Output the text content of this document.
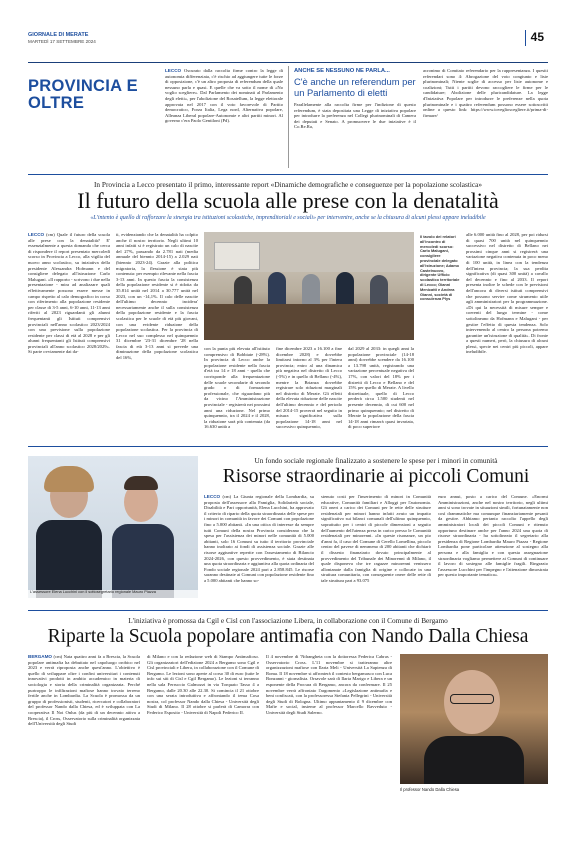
GIORNALE DI MERATE
MARTEDÌ 17 SETTEMBRE 2024	45
PROVINCIA E OLTRE
LECCO Oscurato dalla raccolta firme contro la legge di autonomia differenziata, c'è rischio ad aggiungere tutte le forze di opposizione, c'è un altro proposta di referendum della quale nessuno parla e quasi. E quelle che va sotto il nome di «No voglio scegliere». Dal Parlamento dei nominati al Parlamento degli eletti», per l'abolizione del Rosatellum, la legge elettorale approvata nel 2017 con il voto favorevole di Partito democratico, Forza Italia, Lega nord, Alternativa popolare, Alleanza Liberal popolare-Autonomie e altri partiti minori. Al governo c'era Paolo Gentiloni (Pd).
ANCHE SE NESSUNO NE PARLA...
C'è anche un referendum per un Parlamento di eletti
Parallelamente alla raccolta firme per l'indizione di questo referendum, è stata depositata una Legge di iniziativa popolare per introdurre la preferenza nel Collegi plurinominali di Camera dei deputati e Senato. A promuovere le due iniziative è il Co.Re.Ra,
acronimo di Comitato referendario per la rappresentanza. I quesiti referendari sono 4: Abrogazione del voto congiunto e liste plurinominali; Niente soglie di accesso per liste autonome e coalizioni; Tutti i partiti devono raccogliere le firme per le candidature; Abolizione delle pluricandidature. La legge d'Iniziativa Popolare per introdurre le preferenze nella quota plurinominale e i quattro referendum possono essere sottoscritti online a questo link: https://www.ioveglioscegliere.it/prima-di-firmare/
In Provincia a Lecco presentato il primo, interessante report «Dinamiche demografiche e conseguenze per la popolazione scolastica»
Il futuro della scuola alle prese con la denatalità
«L'intento è quello di rafforzare la sinergia tra istituzioni scolastiche, imprenditoriali e sociali» per intervenire, anche se la chiusura di alcuni plessi appare ineludibile
LECCO (cm) Quale il futuro della scuola alle prese con la denatalità? E' essenzialmente a questa domanda che cerca di rispondere il report presentato mercoledì scorso in Provincia a Lecco, alla vigilia del nuovo anno scolastico, su iniziativa della presidente Alessandra Hofmann e del consigliere delegato all'istruzione Carlo Malugani. «Il rapporto - scrivono i due nella presentazione - mira ad analizzare quali effettivamente possono essere messe in campo rispetto al calo demografico in corso con riferimento alla popolazione residente per classe di 3-5 anni, 6-10 anni, 11-13 anni riferiti al 2023 riguardanti gli alunni frequentanti gli Istituti comprensivi provinciali nell'anno scolastico 2023/2024 con una previsione sulla popolazione residente per classi di età al 2028 e per gli alunni frequentanti gli Istituti comprensivi provinciali all'anno scolastico 2028/2029». Si parte ovviamente dai da-
ti, evidenziando che la denatalità ha colpito anche il nostro territorio. Negli ultimi 10 anni infatti si è registrato un calo di nascite del 27%, passando da 2.781 nati (media annuale del biennio 2014-15) a 2.029 nati (biennio 2023-24). Grazie alla politica migratoria, la flessione è stata più contenuta: per esempio rilevante nella fascia 3-13 anni. In questo fascia la consistenza della popolazione residente si è ridotta da 35.814 unità nel 2014 a 30.777 unità nel 2023, con un -14,1%. Il calo delle nascite dell'ultimo decennio incidera' necessariamente anche il sulla consistenza della popolazione residente e la fascia scolastica per le scuole di età più giovani, con una evidente riduzione della popolazione scolastica. Per la provincia di Lecco nel suo complesso nel quinquennio 31 dicembre '23-31 dicembre '28 nella fascia di età 3-13 anni si prevede una diminuzione della popolazione scolastica del 16%,
con la punta più elevata all'istituto comprensivo di Bobbiate (-28%). In provincia di Lecco anche la popolazione residente nella fascia d'età tra 14 e 18 anni - quella che corrisponde alla frequentazione delle scuole secondarie di secondo grado o di formazione professionale, che riguardano più da vicino l'Amministrazione provinciale - registrerà nei prossimi anni una riduzione. Nel primo quinquennio, tra il 2024 e il 2028, la riduzione sarà più contenuta (da 16.630 unità a
fine dicembre 2023 a 16.100 a fine dicembre 2028) e dovrebbe limitarsi intorno al 3% per l'intera provincia; entro al una dinamica più negativa nel distretto di Lecco (-5%) e in quello di Bellano (-4%), mentre la Brianza dovrebbe registrare solo riduzioni marginali nel distretto di Merate. Gli effetti della elevata riduzione delle nascite dell'ultimo decennio e del periodo del 2014-15 proverrà nel seguito in misura significativa sulla popolazione 14-18 anni nel successivo quinquennio,
dal 2029 al 2033: in quegli anni la popolazione provinciale (14-18 anni) dovrebbe scendere da 16.100 a 13.798 unità, registrando una variazione percentuale negativa del 17%, con valori del 18% per i distretti di Lecco e Bellano e del 15% per quello di Merate. A livello distrettuale, quello di Lecco perderà circa 1.500 studenti nel presente decennio, di cui 600 nel primo quinquennio; nel distretto di Merate la popolazione della fascia 14-18 anni rimarrà quasi invariata, di poco superiore
Il tavolo dei relatori all'incontro di mercoledì scorso: Carlo Malugani, consigliere provinciale delegato all'istruzione; Adamo Castelnuovo, dirigente Ufficio scolastico territoriale di Lecco; Gianni Menicatti e Andrea Gianni, società di consulenza Plys
alle 6.000 unità fino al 2028, per poi ridursi di quasi 700 unità nel quinquennio successivo nel distretto di Bellano nei prossimi cinque anni si registrerà una variazione negativa contenuta in poco meno di 100 unità, in linea con la tendenza dell'intera provincia; la sua perdita significativa (di quasi 300 unità) a cavallo del decennio e fino al 2033. Il report presenta inoltre le schede con le previsioni dell'ancora di diversi istituti comprensivi che possono servire come strumento utile agli amministratori per la programmazione. «Di qui la necessità di misure sempre e coerenti del lungo termine - come sottolineano da Hofmann e Malugani - per gestire l'effetto di questa tendenza. Solo intervenendo al centro la persona potremo garantire un'istruzione di qualità». Di fronte a questi numeri, però, la chiusura di alcuni plessi, specie nei centri più piccoli, appare ineludibile.
L'assessore Elena Lucchini con il sottosegretario regionale Mauro Piazza
Un fondo sociale regionale finalizzato a sostenere le spese per i minori in comunità
Risorse straordinarie ai piccoli Comuni
LECCO (cm) La Giunta regionale della Lombardia, su proposta dell'assessore alla Famiglia, Solidarietà sociale, Disabilità e Pari opportunità, Elena Lucchini, ha approvato il criterio di riparto della quota straordinaria delle spese per i minori in comunità in favore dei Comuni con popolazione fino a 5.000 abitanti. «In una ottica di interesse da sempre tutti Comuni della nostra Provincia considerano che la spesa per l'assistenza dei minori nelle comunità di 5.000 abitanti, solo 16 Comuni su tutto il territorio provinciale hanno inoltrato ai fondi di assistenza sociale. Grazie alle risorse aggiuntive reperite con l'assestamento di Bilancio 2024-2026, con questo provvedimento, è stata destinata una quota straordinaria e aggiuntiva alla quota ordinaria del Fondo sociale regionale 2024 pari a 2.858.845. Le risorse saranno destinate ai Comuni con popolazione residente fino a 5.000 abitanti che hanno so-
stenuto costi per l'inserimento di minori in Comunità educative, Comunità familiari e Alloggi per l'autonomia. Gli oneri a carico dei Comuni per le rette delle strutture residenziali per minori hanno infatti avuto un impatto significativo sui bilanci comunali dell'ultimo quinquennio, soprattutto per i centri di piccole dimensioni a seguito dell'aumento dell'utenza presa in carico presso le Comunità residenziali per minorenni. «In queste risonanze, un pio d'anni fa, il caso del Comune di Cerello Lomellina, piccolo centro del pavese di nemmeno di 200 abitanti che dichiarò il dissesto finanziario dovuto principalmente al provvedimento del Tribunale dei Minorenni di Milano, il quale disponeva che tre ragazze minorenni venissero allontanate dalla famiglia di origine e collocate in una struttura comunitaria, con conseguente onere delle rette di tale struttura pari a 93.075
euro annui, posto a carico del Comune. «Enormi Amministrazioni, anche nel nostro territorio, negli ultimi anni si sono trovate in situazioni simili, fortunatamente non così drammatiche ma comunque finanziariamente pesanti da gestire. Abbiamo pertanto raccolto l'appello degli amministratori locali dei piccoli Comuni e ritenuto opportuno destinare anche per l'anno 2024 una quota di risorse straordinaria - ha sottolineato il segretario alla presidenza di Regione Lombardia Mauro Piazza - Regione Lombardia pone particolare attenzione al sostegno alla persona e alla famiglia e con questa assegnazione straordinaria vogliamo permettere ai Comuni di continuare il lavoro di sostegno alle famiglie fragili. Ringrazio l'assessore Lucchini per l'impegno e l'attenzione dimostrata per questo importante tematica».
L'iniziativa è promossa da Cgil e Cisl con l'associazione Libera, in collaborazione con il Comune di Bergamo
Riparte la Scuola popolare antimafia con Nando Dalla Chiesa
BERGAMO (cm) Nata quattro anni fa a Brescia, la Scuola popolare antimafia ha debuttato nel capoluogo orobico nel 2023 e verrà riproposta anche quest'anno. L'obiettivo è quello di sviluppare oltre i confini universitari i contenuti innovativi prodotti in ambito accademico in materia di sociologia e storia della criminalità organizzata. Perché purtroppo le infiltrazioni mafiose hanno trovato terreno fertile anche in Lombardia. La Scuola è promossa da un gruppo di professionisti, studenti, ricercatori e collaboratori del professor Nando dalla Chiesa, ed è sviluppata con La cooperativa Il Noi Onlus (da più di un decennio attiva a Brescia), il Cross, Osservatorio sulla criminalità organizzata dell'Università degli Studi
di Milano e con la redazione web di Stampo Antimafioso. Gli organizzatori dell'edizione 2024 a Bergamo sono Cgil e Cisl provinciali e Libera, in collaborazione con il Comune di Bergamo. Le lezioni sono aperte al corso 30 di euro (tutte le info sui siti di Cisl e Cgil Bergamo). Le lezioni si terranno nella sala Ferruccio Galmozzi in via Torquato Tasso 4 a Bergamo, dalle 20.30 alle 22.30. Si comincia il 21 ottobre con una serata introduttiva e affrontando il tema Cosa nostra, col professor Nando dalla Chiesa - Università degli Studi di Milano. Il 28 ottobre si parlerà di Camorra con Federico Esposito - Università di Napoli Federico II.
Il 4 novembre di 'Ndrangheta con la dottoressa Federica Cabras - Osservatorio Cross. L'11 novembre si tratteranno altre organizzazioni mafiose con Ilaria Meli - Università La Sapienza di Roma. Il 18 novembre si affronterà il contesto bergamasco con Luca Bonzanni - giornalista. Orsavole sarà di Ilaria Marigo e Libera e un esponente della Procura di Bergamo, ancora da confermare. Il 25 novembre verrà affrontato l'argomento «Legislazione antimafia e beni confiscati, con la professoressa Stefania Pellegrini - Università degli Studi di Bologna. Ultimo appuntamento il 9 dicembre con Mafie e social, insieme al professor Marcello Ravveduto - Università degli Studi Salerno.
Il professor Nando Dalla Chiesa
